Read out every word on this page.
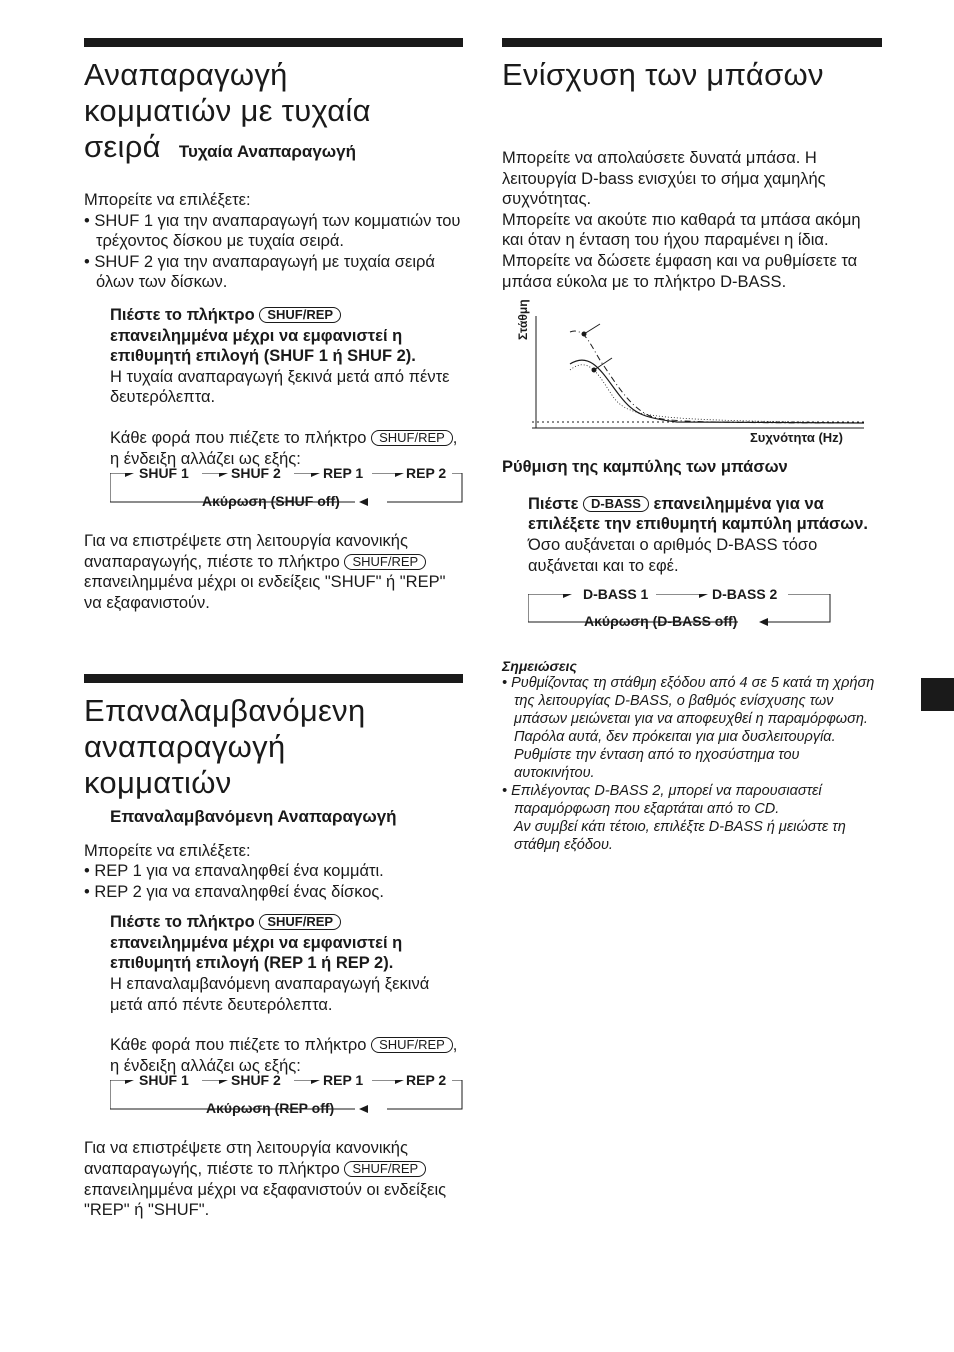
Αναπαραγωγή
κομματιών με τυχαία
σειρά Τυχαία Αναπαραγωγή

Μπορείτε να επιλέξετε:

• SHUF 1 για την αναπαραγωγή των κομματιών του τρέχοντος δίσκου με τυχαία σειρά.
• SHUF 2 για την αναπαραγωγή με τυχαία σειρά όλων των δίσκων.

Πιέστε το πλήκτρο SHUF/REP επανειλημμένα μέχρι να εμφανιστεί η επιθυμητή επιλογή (SHUF 1 ή SHUF 2).

Η τυχαία αναπαραγωγή ξεκινά μετά από πέντε δευτερόλεπτα.

Κάθε φορά που πιέζετε το πλήκτρο SHUF/REP , η ένδειξη αλλάζει ως εξής:

SHUF 1	SHUF 2	REP 1	REP 2
Ακύρωση (SHUF off)

Για να επιστρέψετε στη λειτουργία κανονικής αναπαραγωγής, πιέστε το πλήκτρο SHUF/REP επανειλημμένα μέχρι οι ενδείξεις "SHUF" ή "REP" να εξαφανιστούν.

Επαναλαμβανόμενη
αναπαραγωγή
κομματιών
Επαναλαμβανόμενη Αναπαραγωγή

Μπορείτε να επιλέξετε:

• REP 1 για να επαναληφθεί ένα κομμάτι.
• REP 2 για να επαναληφθεί ένας δίσκος.

Πιέστε το πλήκτρο SHUF/REP επανειλημμένα μέχρι να εμφανιστεί η επιθυμητή επιλογή (REP 1 ή REP 2).

Η επαναλαμβανόμενη αναπαραγωγή ξεκινά μετά από πέντε δευτερόλεπτα.

Κάθε φορά που πιέζετε το πλήκτρο SHUF/REP , η ένδειξη αλλάζει ως εξής:

SHUF 1	SHUF 2	REP 1	REP 2
Ακύρωση (REP off)

Για να επιστρέψετε στη λειτουργία κανονικής αναπαραγωγής, πιέστε το πλήκτρο SHUF/REP επανειλημμένα μέχρι να εξαφανιστούν οι ενδείξεις "REP" ή "SHUF".

Ενίσχυση των μπάσων

Μπορείτε να απολαύσετε δυνατά μπάσα. Η λειτουργία D-bass ενισχύει το σήμα χαμηλής συχνότητας.

Μπορείτε να ακούτε πιο καθαρά τα μπάσα ακόμη και όταν η ένταση του ήχου παραμένει η ίδια. Μπορείτε να δώσετε έμφαση και να ρυθμίσετε τα μπάσα εύκολα με το πλήκτρο D-BASS.

Στάθμη
Συχνότητα (Hz)

Ρύθμιση της καμπύλης των μπάσων

Πιέστε D-BASS επανειλημμένα για να επιλέξετε την επιθυμητή καμπύλη μπάσων.

Όσο αυξάνεται ο αριθμός D-BASS τόσο αυξάνεται και το εφέ.

D-BASS 1	D-BASS 2
Ακύρωση (D-BASS off)
Σημειώσεις
• Ρυθμίζοντας τη στάθμη εξόδου από 4 σε 5 κατά τη χρήση της λειτουργίας D-BASS, ο βαθμός ενίσχυσης των μπάσων μειώνεται για να αποφευχθεί η παραμόρφωση. Παρόλα αυτά, δεν πρόκειται για μια δυσλειτουργία.
Ρυθμίστε την ένταση από το ηχοσύστημα του αυτοκινήτου.
• Επιλέγοντας D-BASS 2, μπορεί να παρουσιαστεί παραμόρφωση που εξαρτάται από το CD.
Αν συμβεί κάτι τέτοιο, επιλέξτε D-BASS ή μειώστε τη στάθμη εξόδου.
